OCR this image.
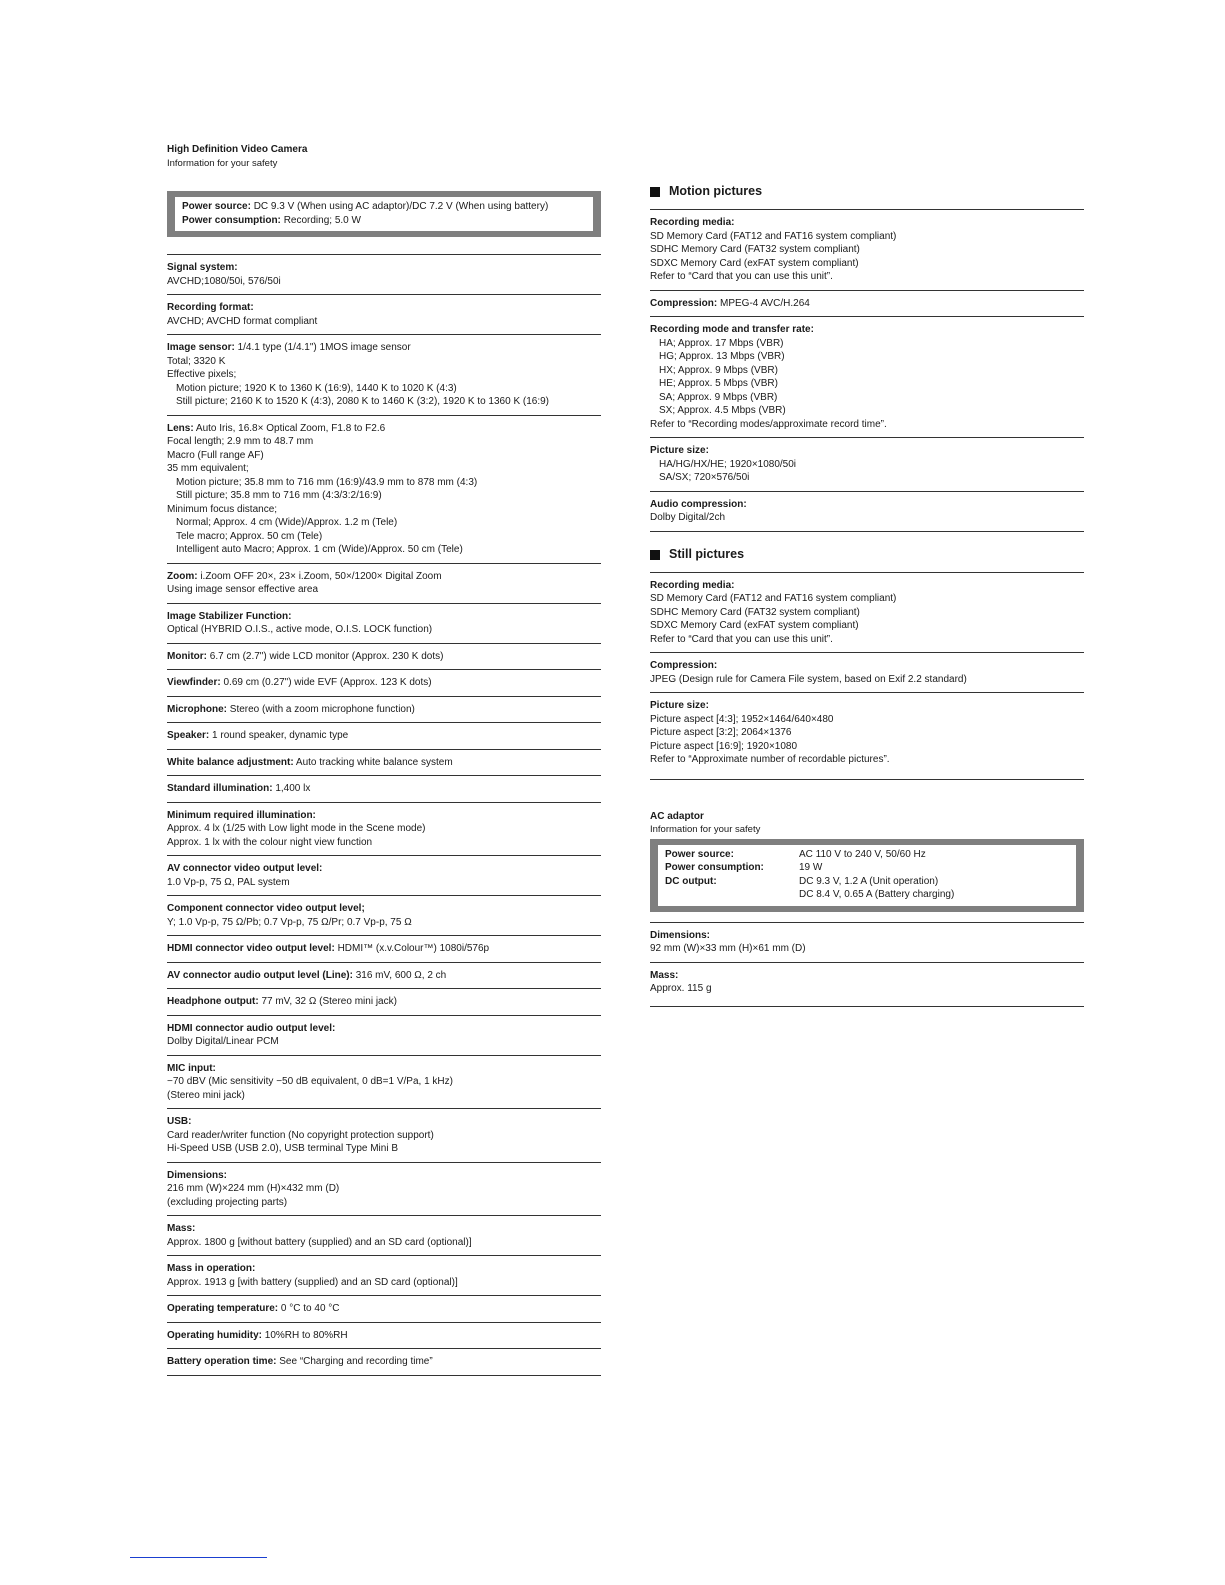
High Definition Video Camera
Information for your safety
Power source: DC 9.3 V (When using AC adaptor)/DC 7.2 V (When using battery)
Power consumption: Recording; 5.0 W
Signal system:
AVCHD;1080/50i, 576/50i
Recording format:
AVCHD; AVCHD format compliant
Image sensor: 1/4.1 type (1/4.1") 1MOS image sensor
Total; 3320 K
Effective pixels;
Motion picture; 1920 K to 1360 K (16:9), 1440 K to 1020 K (4:3)
Still picture; 2160 K to 1520 K (4:3), 2080 K to 1460 K (3:2), 1920 K to 1360 K (16:9)
Lens: Auto Iris, 16.8× Optical Zoom, F1.8 to F2.6
Focal length; 2.9 mm to 48.7 mm
Macro (Full range AF)
35 mm equivalent;
Motion picture; 35.8 mm to 716 mm (16:9)/43.9 mm to 878 mm (4:3)
Still picture; 35.8 mm to 716 mm (4:3/3:2/16:9)
Minimum focus distance;
Normal; Approx. 4 cm (Wide)/Approx. 1.2 m (Tele)
Tele macro; Approx. 50 cm (Tele)
Intelligent auto Macro; Approx. 1 cm (Wide)/Approx. 50 cm (Tele)
Zoom: i.Zoom OFF 20×, 23× i.Zoom, 50×/1200× Digital Zoom
Using image sensor effective area
Image Stabilizer Function:
Optical (HYBRID O.I.S., active mode, O.I.S. LOCK function)
Monitor: 6.7 cm (2.7") wide LCD monitor (Approx. 230 K dots)
Viewfinder: 0.69 cm (0.27") wide EVF (Approx. 123 K dots)
Microphone: Stereo (with a zoom microphone function)
Speaker: 1 round speaker, dynamic type
White balance adjustment: Auto tracking white balance system
Standard illumination: 1,400 lx
Minimum required illumination:
Approx. 4 lx (1/25 with Low light mode in the Scene mode)
Approx. 1 lx with the colour night view function
AV connector video output level:
1.0 Vp-p, 75 Ω, PAL system
Component connector video output level;
Y; 1.0 Vp-p, 75 Ω/Pb; 0.7 Vp-p, 75 Ω/Pr; 0.7 Vp-p, 75 Ω
HDMI connector video output level: HDMI™ (x.v.Colour™) 1080i/576p
AV connector audio output level (Line): 316 mV, 600 Ω, 2 ch
Headphone output: 77 mV, 32 Ω (Stereo mini jack)
HDMI connector audio output level:
Dolby Digital/Linear PCM
MIC input:
−70 dBV (Mic sensitivity −50 dB equivalent, 0 dB=1 V/Pa, 1 kHz)
(Stereo mini jack)
USB:
Card reader/writer function (No copyright protection support)
Hi-Speed USB (USB 2.0), USB terminal Type Mini B
Dimensions:
216 mm (W)×224 mm (H)×432 mm (D)
(excluding projecting parts)
Mass:
Approx. 1800 g [without battery (supplied) and an SD card (optional)]
Mass in operation:
Approx. 1913 g [with battery (supplied) and an SD card (optional)]
Operating temperature: 0 °C to 40 °C
Operating humidity: 10%RH to 80%RH
Battery operation time: See “Charging and recording time”
Motion pictures
Recording media:
SD Memory Card (FAT12 and FAT16 system compliant)
SDHC Memory Card (FAT32 system compliant)
SDXC Memory Card (exFAT system compliant)
Refer to “Card that you can use this unit”.
Compression: MPEG-4 AVC/H.264
Recording mode and transfer rate:
HA; Approx. 17 Mbps (VBR)
HG; Approx. 13 Mbps (VBR)
HX; Approx. 9 Mbps (VBR)
HE; Approx. 5 Mbps (VBR)
SA; Approx. 9 Mbps (VBR)
SX; Approx. 4.5 Mbps (VBR)
Refer to “Recording modes/approximate record time”.
Picture size:
HA/HG/HX/HE; 1920×1080/50i
SA/SX; 720×576/50i
Audio compression:
Dolby Digital/2ch
Still pictures
Recording media:
SD Memory Card (FAT12 and FAT16 system compliant)
SDHC Memory Card (FAT32 system compliant)
SDXC Memory Card (exFAT system compliant)
Refer to “Card that you can use this unit”.
Compression:
JPEG (Design rule for Camera File system, based on Exif 2.2 standard)
Picture size:
Picture aspect [4:3]; 1952×1464/640×480
Picture aspect [3:2]; 2064×1376
Picture aspect [16:9]; 1920×1080
Refer to “Approximate number of recordable pictures”.
AC adaptor
Information for your safety
Power source:	AC 110 V to 240 V, 50/60 Hz
Power consumption:	19 W
DC output:	DC 9.3 V, 1.2 A (Unit operation)
DC 8.4 V, 0.65 A (Battery charging)
Dimensions:
92 mm (W)×33 mm (H)×61 mm (D)
Mass:
Approx. 115 g
